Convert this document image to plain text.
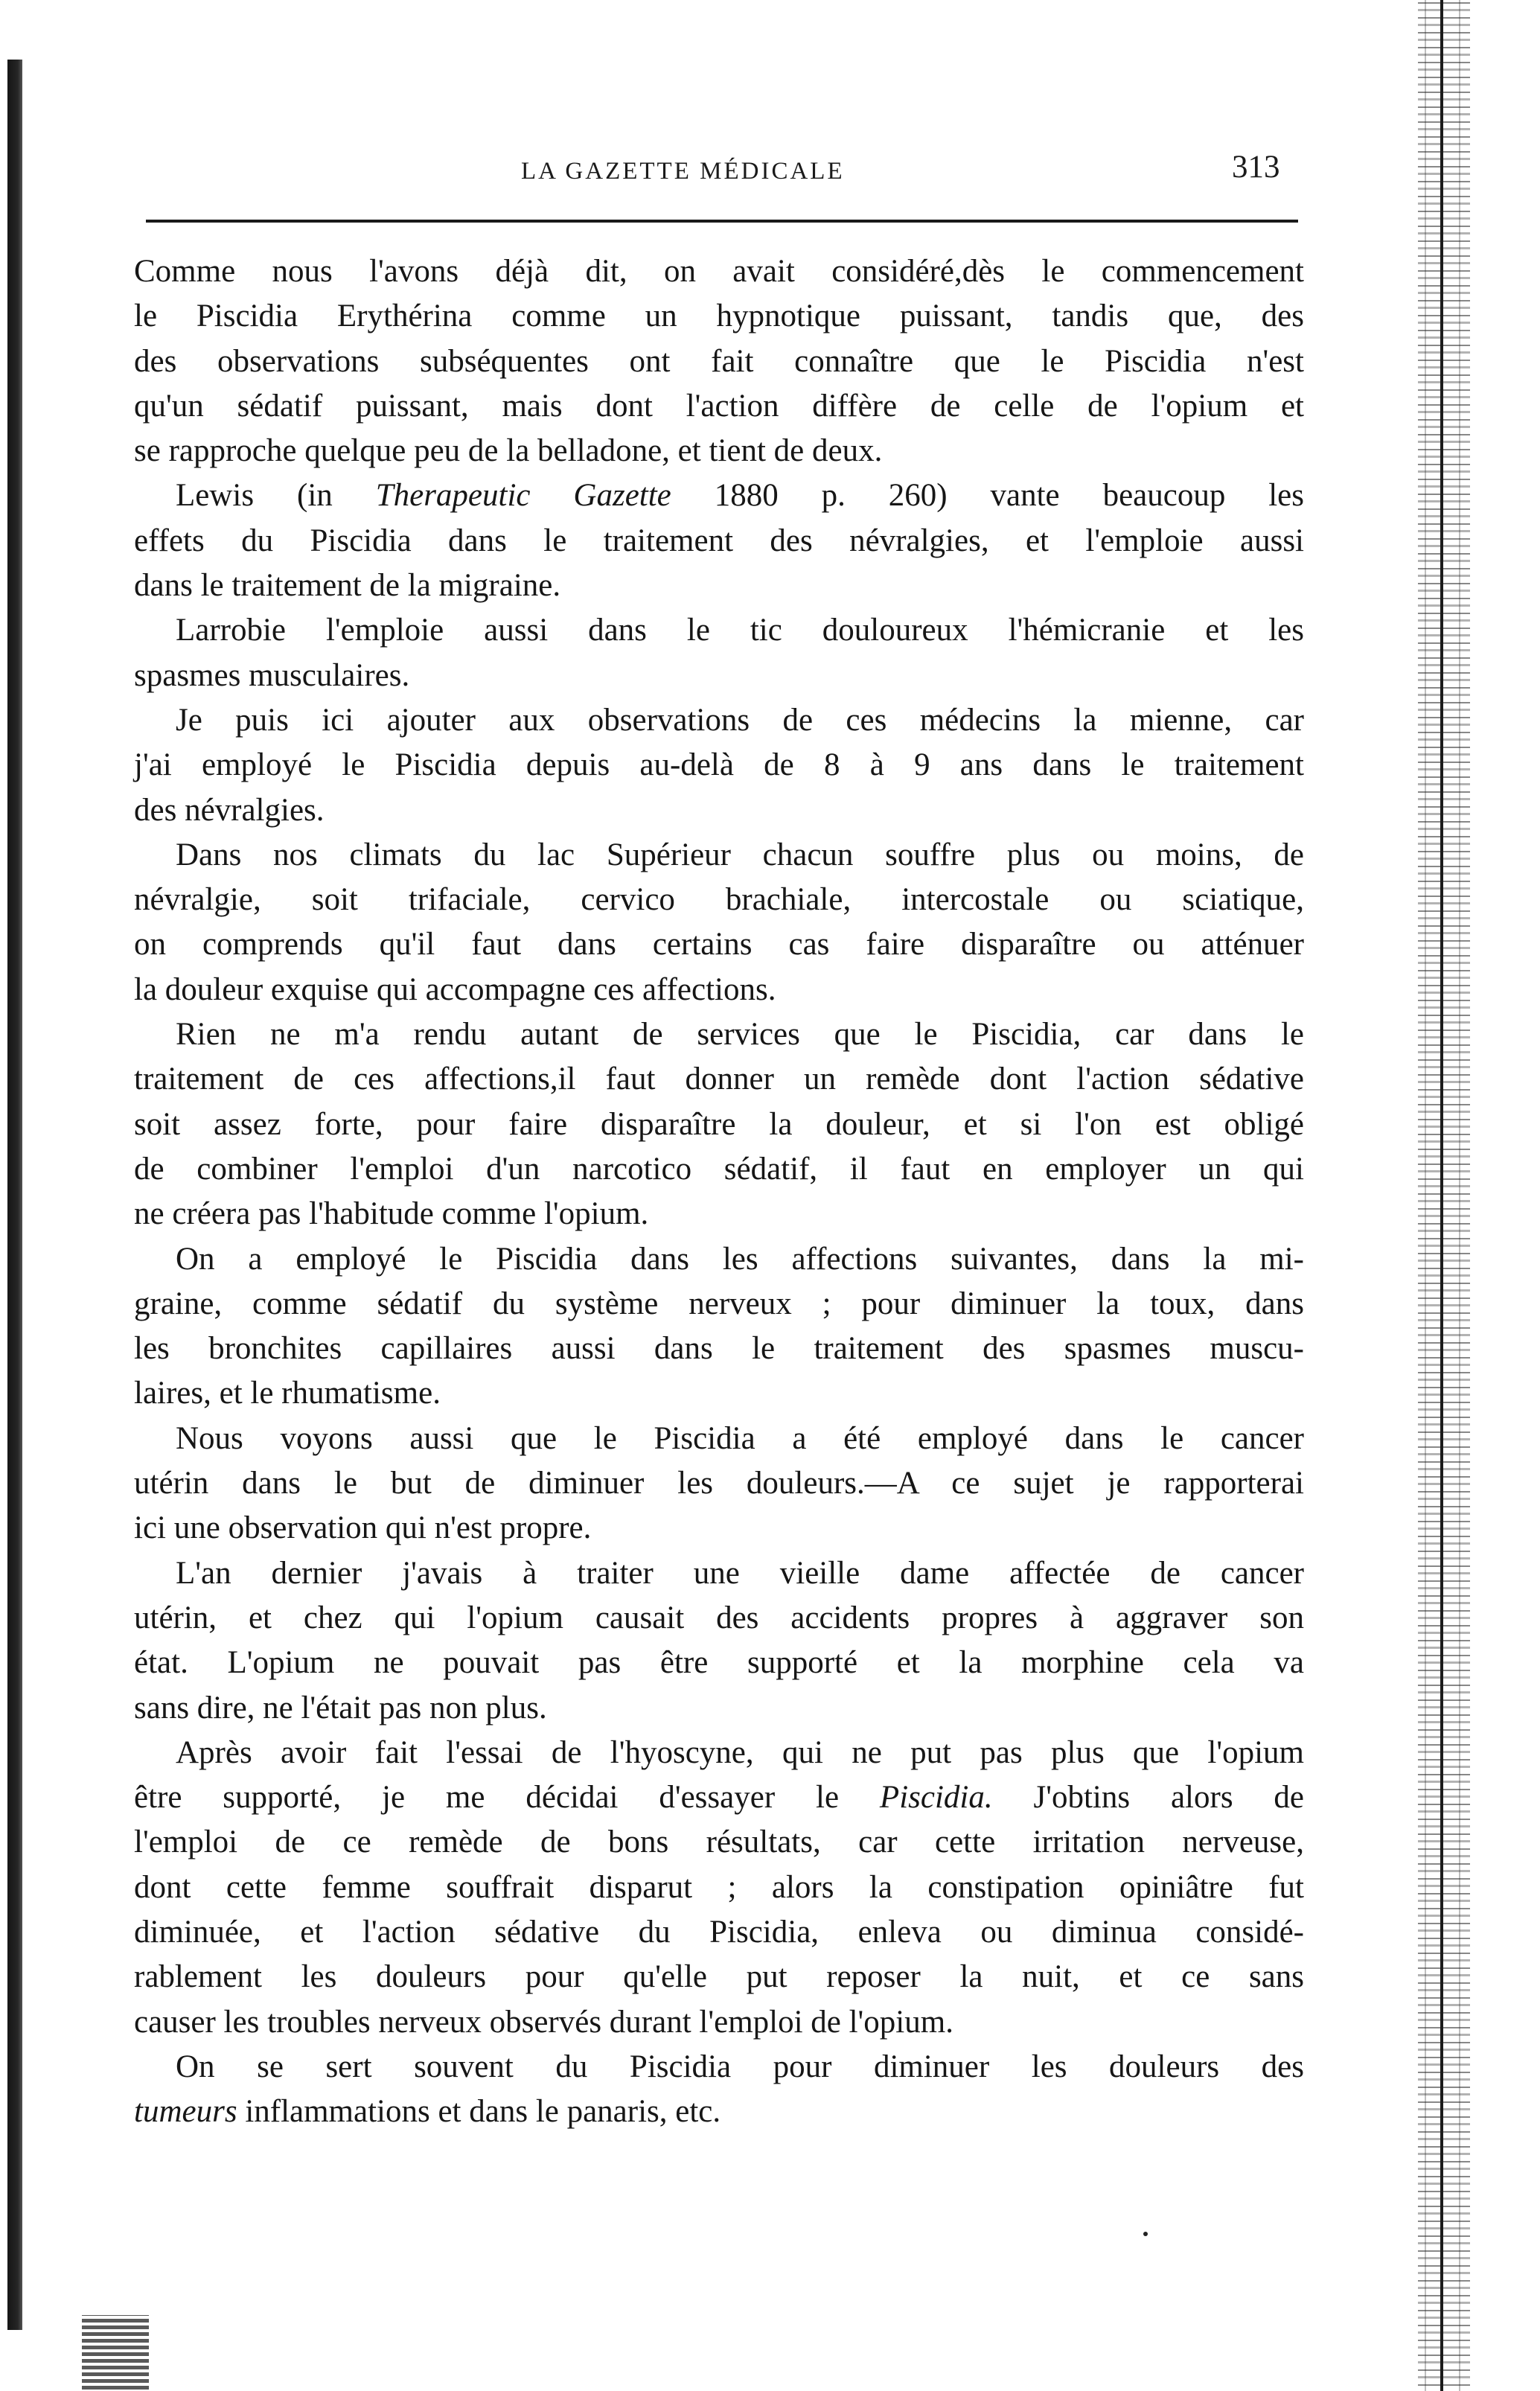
LA GAZETTE MÉDICALE	313
Comme nous l'avons déjà dit, on avait considéré,dès le commencement
le Piscidia Erythérina comme un hypnotique puissant, tandis que, des
des observations subséquentes ont fait connaître que le Piscidia n'est
qu'un sédatif puissant, mais dont l'action diffère de celle de l'opium et
se rapproche quelque peu de la belladone, et tient de deux.
Lewis (in Therapeutic Gazette 1880 p. 260) vante beaucoup les
effets du Piscidia dans le traitement des névralgies, et l'emploie aussi
dans le traitement de la migraine.
Larrobie l'emploie aussi dans le tic douloureux l'hémicranie et les
spasmes musculaires.
Je puis ici ajouter aux observations de ces médecins la mienne, car
j'ai employé le Piscidia depuis au-delà de 8 à 9 ans dans le traitement
des névralgies.
Dans nos climats du lac Supérieur chacun souffre plus ou moins, de
névralgie, soit trifaciale, cervico brachiale, intercostale ou sciatique,
on comprends qu'il faut dans certains cas faire disparaître ou atténuer
la douleur exquise qui accompagne ces affections.
Rien ne m'a rendu autant de services que le Piscidia, car dans le
traitement de ces affections,il faut donner un remède dont l'action sédative
soit assez forte, pour faire disparaître la douleur, et si l'on est obligé
de combiner l'emploi d'un narcotico sédatif, il faut en employer un qui
ne créera pas l'habitude comme l'opium.
On a employé le Piscidia dans les affections suivantes, dans la mi-
graine, comme sédatif du système nerveux ; pour diminuer la toux, dans
les bronchites capillaires aussi dans le traitement des spasmes muscu-
laires, et le rhumatisme.
Nous voyons aussi que le Piscidia a été employé dans le cancer
utérin dans le but de diminuer les douleurs.—A ce sujet je rapporterai
ici une observation qui n'est propre.
L'an dernier j'avais à traiter une vieille dame affectée de cancer
utérin, et chez qui l'opium causait des accidents propres à aggraver son
état. L'opium ne pouvait pas être supporté et la morphine cela va
sans dire, ne l'était pas non plus.
Après avoir fait l'essai de l'hyoscyne, qui ne put pas plus que l'opium
être supporté, je me décidai d'essayer le Piscidia. J'obtins alors de
l'emploi de ce remède de bons résultats, car cette irritation nerveuse,
dont cette femme souffrait disparut ; alors la constipation opiniâtre fut
diminuée, et l'action sédative du Piscidia, enleva ou diminua considé-
rablement les douleurs pour qu'elle put reposer la nuit, et ce sans
causer les troubles nerveux observés durant l'emploi de l'opium.
On se sert souvent du Piscidia pour diminuer les douleurs des
tumeurs inflammations et dans le panaris, etc.
